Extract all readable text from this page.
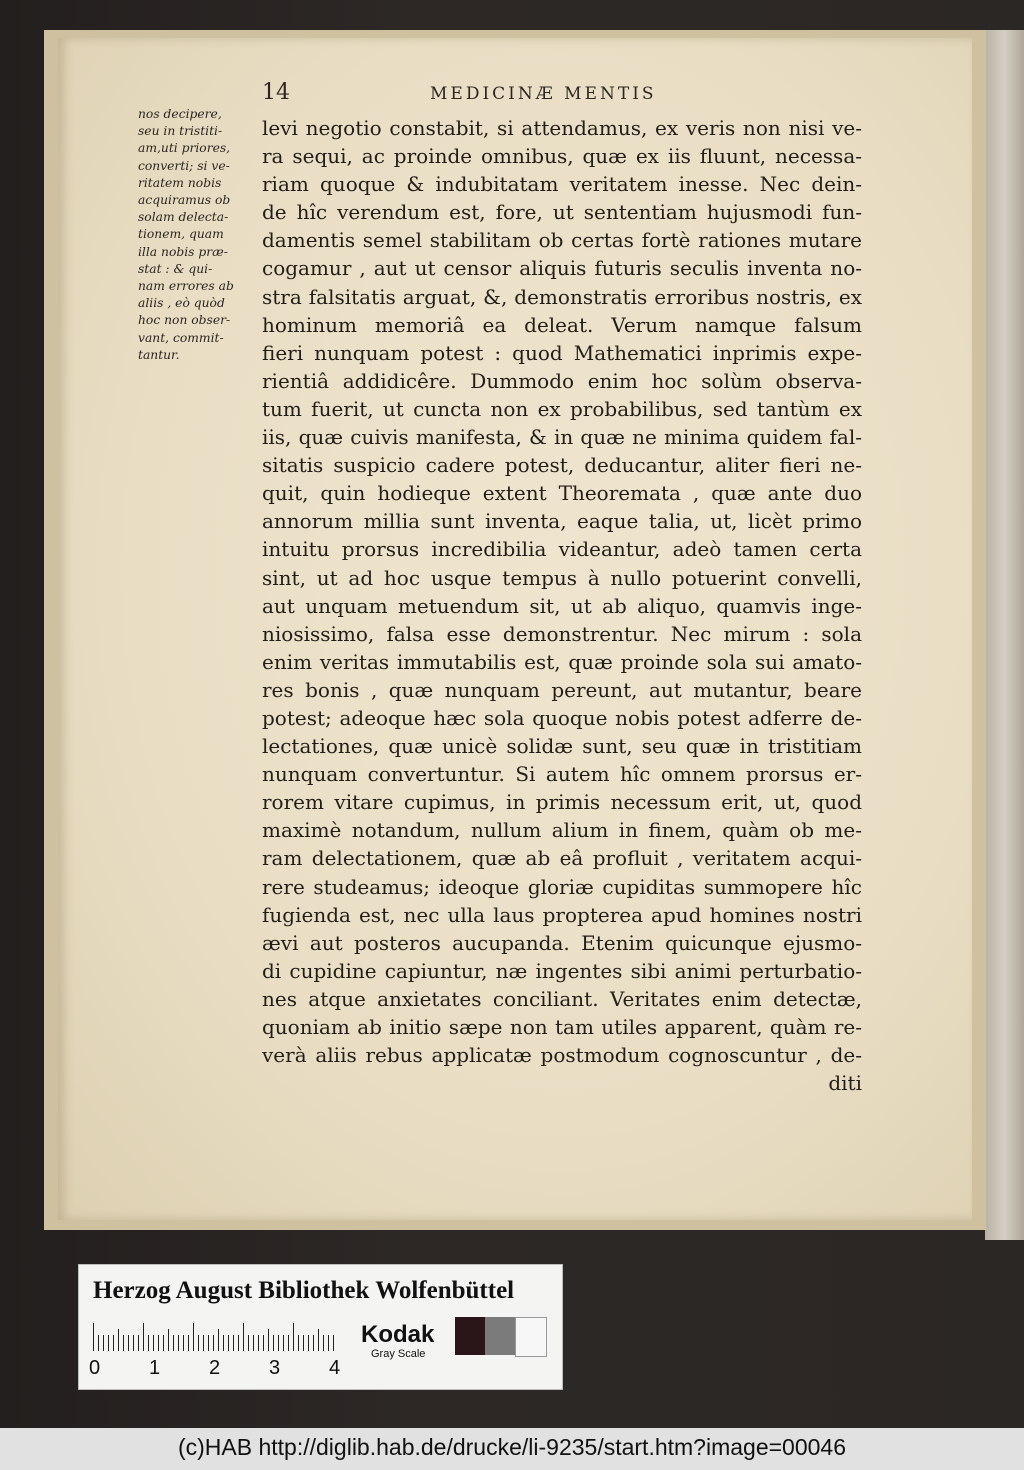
14	MEDICINÆ MENTIS
nos decipere,
seu in tristiti-
am,uti priores,
converti; si ve-
ritatem nobis
acquiramus ob
solam delecta-
tionem, quam
illa nobis præ-
stat : & qui-
nam errores ab
aliis , eò quòd
hoc non obser-
vant, commit-
tantur.
levi negotio constabit, si attendamus, ex veris non nisi ve-
ra sequi, ac proinde omnibus, quæ ex iis fluunt, necessa-
riam quoque & indubitatam veritatem inesse. Nec dein-
de hîc verendum est, fore, ut sententiam hujusmodi fun-
damentis semel stabilitam ob certas fortè rationes mutare
cogamur , aut ut censor aliquis futuris seculis inventa no-
stra falsitatis arguat, &, demonstratis erroribus nostris, ex
hominum memoriâ ea deleat. Verum namque falsum
fieri nunquam potest : quod Mathematici inprimis expe-
rientiâ addidicêre. Dummodo enim hoc solùm observa-
tum fuerit, ut cuncta non ex probabilibus, sed tantùm ex
iis, quæ cuivis manifesta, & in quæ ne minima quidem fal-
sitatis suspicio cadere potest, deducantur, aliter fieri ne-
quit, quin hodieque extent Theoremata , quæ ante duo
annorum millia sunt inventa, eaque talia, ut, licèt primo
intuitu prorsus incredibilia videantur, adeò tamen certa
sint, ut ad hoc usque tempus à nullo potuerint convelli,
aut unquam metuendum sit, ut ab aliquo, quamvis inge-
niosissimo, falsa esse demonstrentur. Nec mirum : sola
enim veritas immutabilis est, quæ proinde sola sui amato-
res bonis , quæ nunquam pereunt, aut mutantur, beare
potest; adeoque hæc sola quoque nobis potest adferre de-
lectationes, quæ unicè solidæ sunt, seu quæ in tristitiam
nunquam convertuntur. Si autem hîc omnem prorsus er-
rorem vitare cupimus, in primis necessum erit, ut, quod
maximè notandum, nullum alium in finem, quàm ob me-
ram delectationem, quæ ab eâ profluit , veritatem acqui-
rere studeamus; ideoque gloriæ cupiditas summopere hîc
fugienda est, nec ulla laus propterea apud homines nostri
ævi aut posteros aucupanda. Etenim quicunque ejusmo-
di cupidine capiuntur, næ ingentes sibi animi perturbatio-
nes atque anxietates conciliant. Veritates enim detectæ,
quoniam ab initio sæpe non tam utiles apparent, quàm re-
verà aliis rebus applicatæ postmodum cognoscuntur , de-
diti
Herzog August Bibliothek Wolfenbüttel
0 1 2 3 4
Kodak
Gray Scale
(c)HAB http://diglib.hab.de/drucke/li-9235/start.htm?image=00046
